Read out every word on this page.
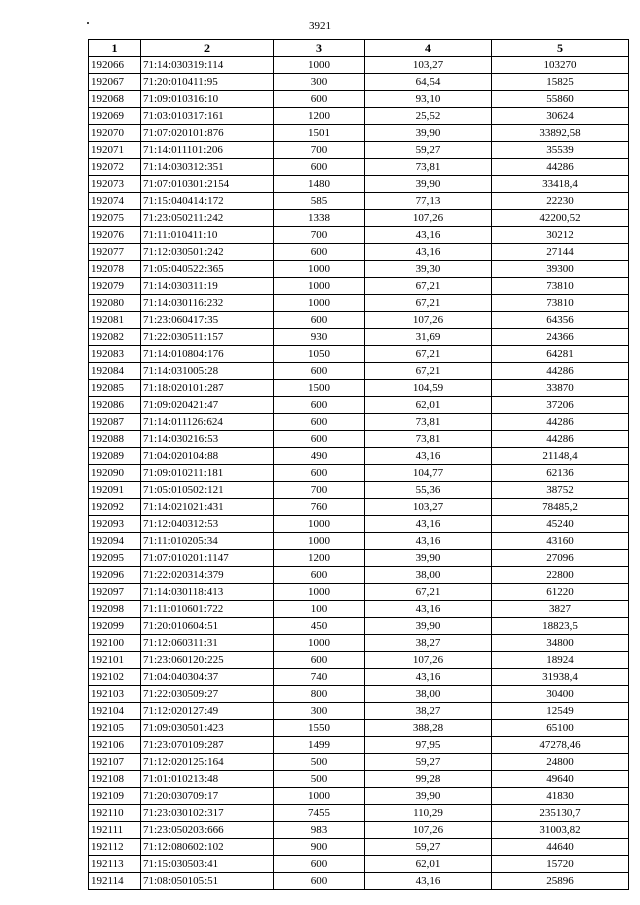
3921
1	2	3	4	5
192066	71:14:030319:114	1000	103,27	103270
192067	71:20:010411:95	300	64,54	15825
192068	71:09:010316:10	600	93,10	55860
192069	71:03:010317:161	1200	25,52	30624
192070	71:07:020101:876	1501	39,90	33892,58
192071	71:14:011101:206	700	59,27	35539
192072	71:14:030312:351	600	73,81	44286
192073	71:07:010301:2154	1480	39,90	33418,4
192074	71:15:040414:172	585	77,13	22230
192075	71:23:050211:242	1338	107,26	42200,52
192076	71:11:010411:10	700	43,16	30212
192077	71:12:030501:242	600	43,16	27144
192078	71:05:040522:365	1000	39,30	39300
192079	71:14:030311:19	1000	67,21	73810
192080	71:14:030116:232	1000	67,21	73810
192081	71:23:060417:35	600	107,26	64356
192082	71:22:030511:157	930	31,69	24366
192083	71:14:010804:176	1050	67,21	64281
192084	71:14:031005:28	600	67,21	44286
192085	71:18:020101:287	1500	104,59	33870
192086	71:09:020421:47	600	62,01	37206
192087	71:14:011126:624	600	73,81	44286
192088	71:14:030216:53	600	73,81	44286
192089	71:04:020104:88	490	43,16	21148,4
192090	71:09:010211:181	600	104,77	62136
192091	71:05:010502:121	700	55,36	38752
192092	71:14:021021:431	760	103,27	78485,2
192093	71:12:040312:53	1000	43,16	45240
192094	71:11:010205:34	1000	43,16	43160
192095	71:07:010201:1147	1200	39,90	27096
192096	71:22:020314:379	600	38,00	22800
192097	71:14:030118:413	1000	67,21	61220
192098	71:11:010601:722	100	43,16	3827
192099	71:20:010604:51	450	39,90	18823,5
192100	71:12:060311:31	1000	38,27	34800
192101	71:23:060120:225	600	107,26	18924
192102	71:04:040304:37	740	43,16	31938,4
192103	71:22:030509:27	800	38,00	30400
192104	71:12:020127:49	300	38,27	12549
192105	71:09:030501:423	1550	388,28	65100
192106	71:23:070109:287	1499	97,95	47278,46
192107	71:12:020125:164	500	59,27	24800
192108	71:01:010213:48	500	99,28	49640
192109	71:20:030709:17	1000	39,90	41830
192110	71:23:030102:317	7455	110,29	235130,7
192111	71:23:050203:666	983	107,26	31003,82
192112	71:12:080602:102	900	59,27	44640
192113	71:15:030503:41	600	62,01	15720
192114	71:08:050105:51	600	43,16	25896
